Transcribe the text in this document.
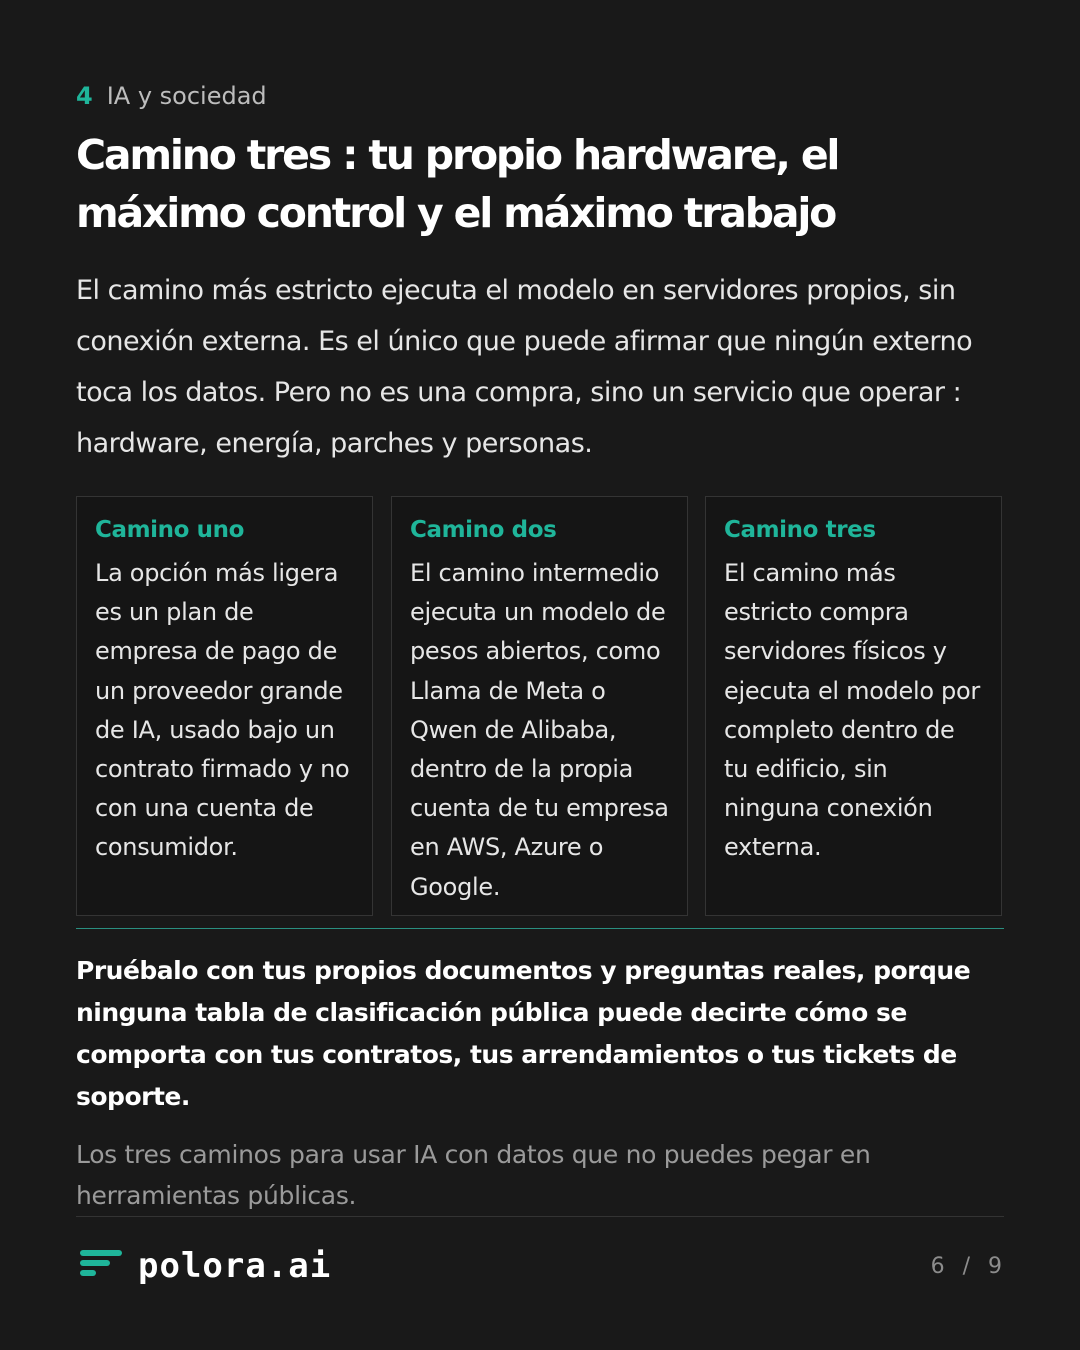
4 IA y sociedad
Camino tres : tu propio hardware, el máximo control y el máximo trabajo

El camino más estricto ejecuta el modelo en servidores propios, sin conexión externa. Es el único que puede afirmar que ningún externo toca los datos. Pero no es una compra, sino un servicio que operar : hardware, energía, parches y personas.

Camino uno

La opción más ligera es un plan de empresa de pago de un proveedor grande de IA, usado bajo un contrato firmado y no con una cuenta de consumidor.

Camino dos

El camino intermedio ejecuta un modelo de pesos abiertos, como Llama de Meta o Qwen de Alibaba, dentro de la propia cuenta de tu empresa en AWS, Azure o Google.

Camino tres

El camino más estricto compra servidores físicos y ejecuta el modelo por completo dentro de tu edificio, sin ninguna conexión externa.

Pruébalo con tus propios documentos y preguntas reales, porque ninguna tabla de clasificación pública puede decirte cómo se comporta con tus contratos, tus arrendamientos o tus tickets de soporte.

Los tres caminos para usar IA con datos que no puedes pegar en herramientas públicas.

polora.ai	6 / 9
